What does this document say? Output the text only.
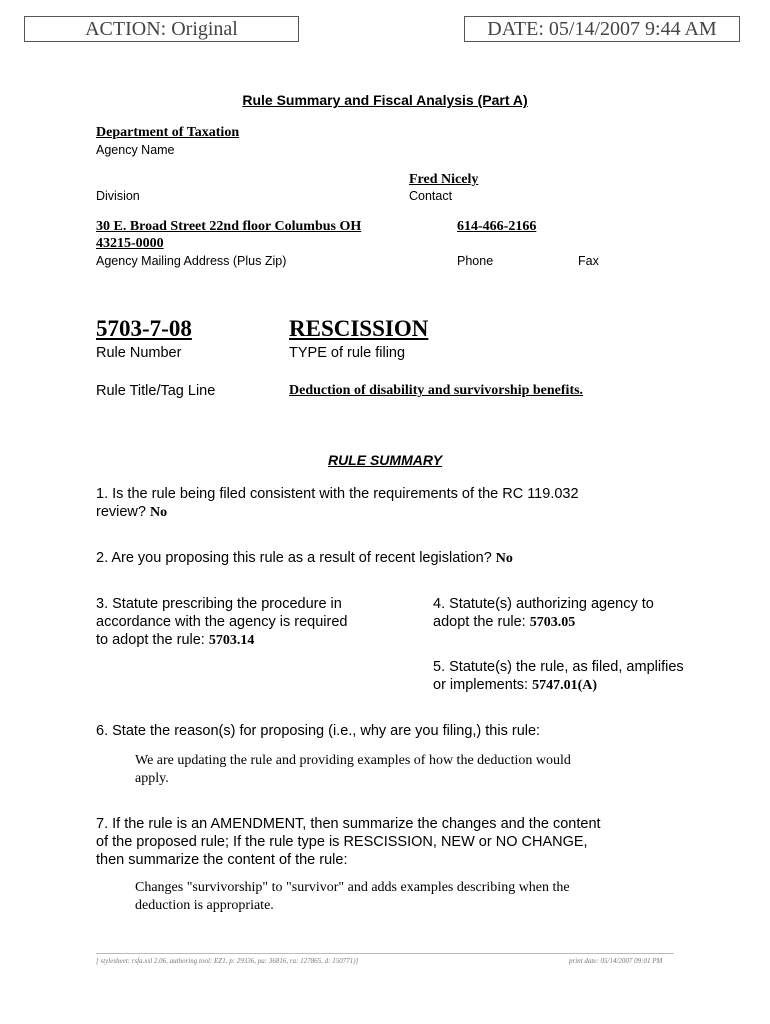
ACTION: Original	DATE: 05/14/2007 9:44 AM
Rule Summary and Fiscal Analysis (Part A)
Department of Taxation
Agency Name
Fred Nicely
Division	Contact
30 E. Broad Street 22nd floor Columbus OH
43215-0000
614-466-2166
Agency Mailing Address (Plus Zip)	Phone	Fax
5703-7-08
Rule Number
RESCISSION
TYPE of rule filing
Rule Title/Tag Line	Deduction of disability and survivorship benefits.
RULE SUMMARY
1. Is the rule being filed consistent with the requirements of the RC 119.032
review? No
2. Are you proposing this rule as a result of recent legislation? No
3. Statute prescribing the procedure in
accordance with the agency is required
to adopt the rule: 5703.14
4. Statute(s) authorizing agency to
adopt the rule: 5703.05
5. Statute(s) the rule, as filed, amplifies
or implements: 5747.01(A)
6. State the reason(s) for proposing (i.e., why are you filing,) this rule:
We are updating the rule and providing examples of how the deduction would
apply.
7. If the rule is an AMENDMENT, then summarize the changes and the content
of the proposed rule; If the rule type is RESCISSION, NEW or NO CHANGE,
then summarize the content of the rule:
Changes "survivorship" to "survivor" and adds examples describing when the
deduction is appropriate.
[ stylesheet: rsfa.xsl 2.06, authoring tool: EZ1, p: 29336, pa: 36816, ra: 127865, d: 150771)]	print date: 05/14/2007 09:01 PM
